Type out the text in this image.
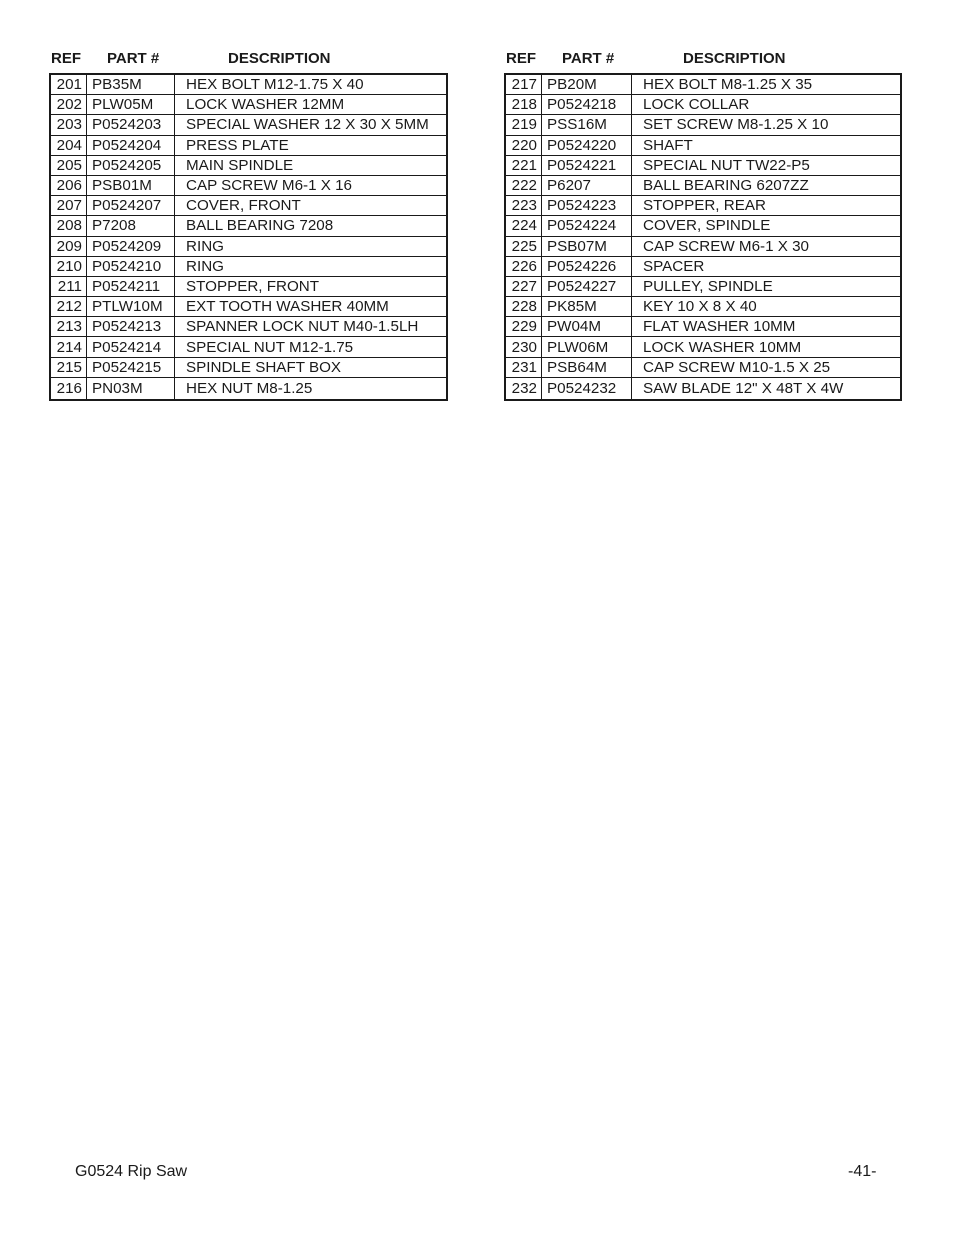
REF PART #	DESCRIPTION
201	PB35M	HEX BOLT M12-1.75 X 40
202	PLW05M	LOCK WASHER 12MM
203	P0524203	SPECIAL WASHER 12 X 30 X 5MM
204	P0524204	PRESS PLATE
205	P0524205	MAIN SPINDLE
206	PSB01M	CAP SCREW M6-1 X 16
207	P0524207	COVER, FRONT
208	P7208	BALL BEARING 7208
209	P0524209	RING
210	P0524210	RING
211	P0524211	STOPPER, FRONT
212	PTLW10M	EXT TOOTH WASHER 40MM
213	P0524213	SPANNER LOCK NUT M40-1.5LH
214	P0524214	SPECIAL NUT M12-1.75
215	P0524215	SPINDLE SHAFT BOX
216	PN03M	HEX NUT M8-1.25
REF PART #	DESCRIPTION
217	PB20M	HEX BOLT M8-1.25 X 35
218	P0524218	LOCK COLLAR
219	PSS16M	SET SCREW M8-1.25 X 10
220	P0524220	SHAFT
221	P0524221	SPECIAL NUT TW22-P5
222	P6207	BALL BEARING 6207ZZ
223	P0524223	STOPPER, REAR
224	P0524224	COVER, SPINDLE
225	PSB07M	CAP SCREW M6-1 X 30
226	P0524226	SPACER
227	P0524227	PULLEY, SPINDLE
228	PK85M	KEY 10 X 8 X 40
229	PW04M	FLAT WASHER 10MM
230	PLW06M	LOCK WASHER 10MM
231	PSB64M	CAP SCREW M10-1.5 X 25
232	P0524232	SAW BLADE 12" X 48T X 4W
G0524 Rip Saw	-41-
